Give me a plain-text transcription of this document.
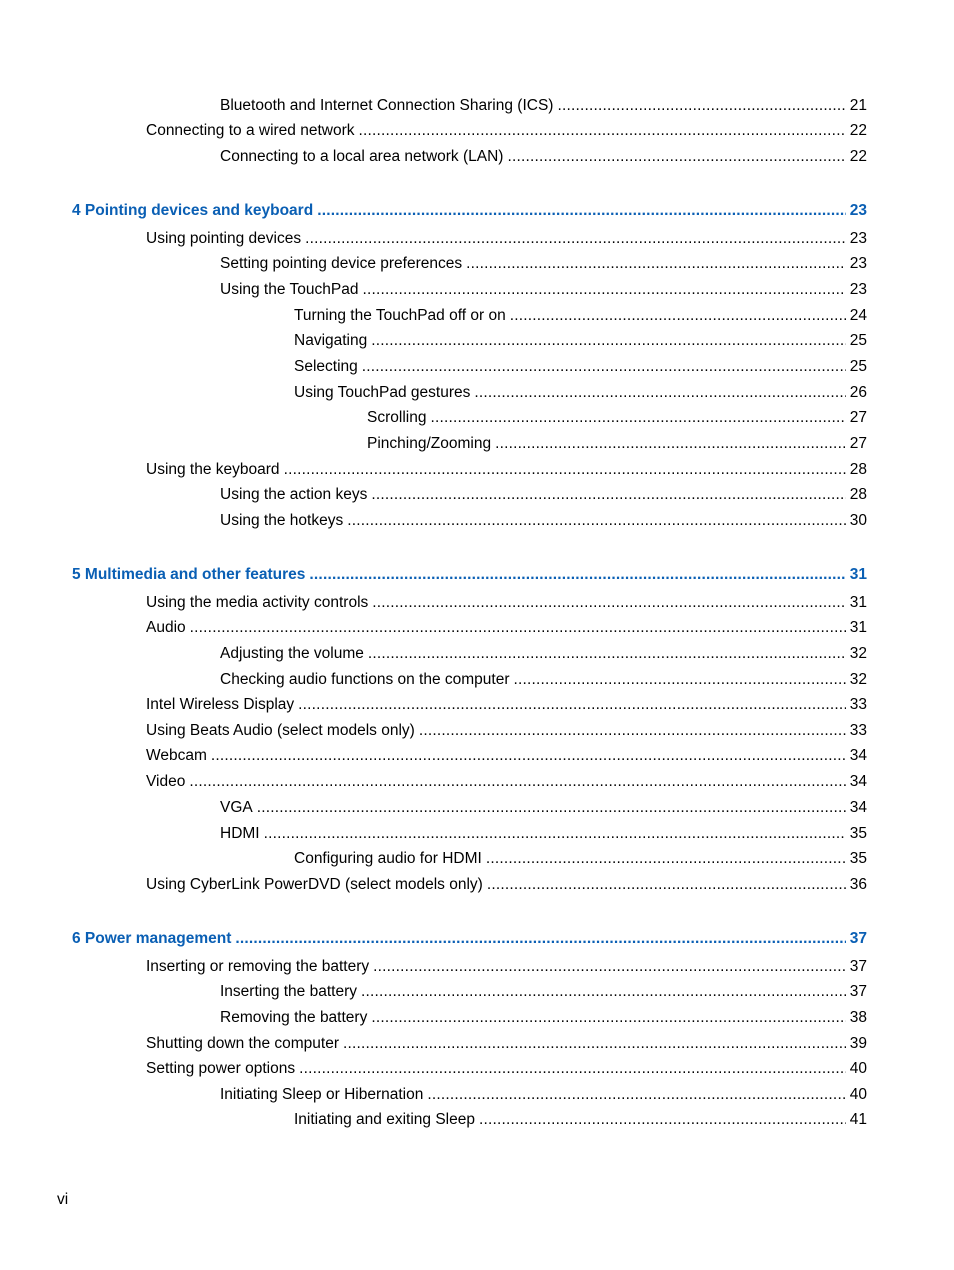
Bluetooth and Internet Connection Sharing (ICS) .....	21
Connecting to a wired network .....	22
Connecting to a local area network (LAN) .....	22
4 Pointing devices and keyboard .....	23
Using pointing devices .....	23
Setting pointing device preferences .....	23
Using the TouchPad .....	23
Turning the TouchPad off or on .....	24
Navigating .....	25
Selecting .....	25
Using TouchPad gestures .....	26
Scrolling .....	27
Pinching/Zooming .....	27
Using the keyboard .....	28
Using the action keys .....	28
Using the hotkeys .....	30
5 Multimedia and other features .....	31
Using the media activity controls .....	31
Audio .....	31
Adjusting the volume .....	32
Checking audio functions on the computer .....	32
Intel Wireless Display .....	33
Using Beats Audio (select models only) .....	33
Webcam .....	34
Video .....	34
VGA .....	34
HDMI .....	35
Configuring audio for HDMI .....	35
Using CyberLink PowerDVD (select models only) .....	36
6 Power management .....	37
Inserting or removing the battery .....	37
Inserting the battery .....	37
Removing the battery .....	38
Shutting down the computer .....	39
Setting power options .....	40
Initiating Sleep or Hibernation .....	40
Initiating and exiting Sleep .....	41
vi
